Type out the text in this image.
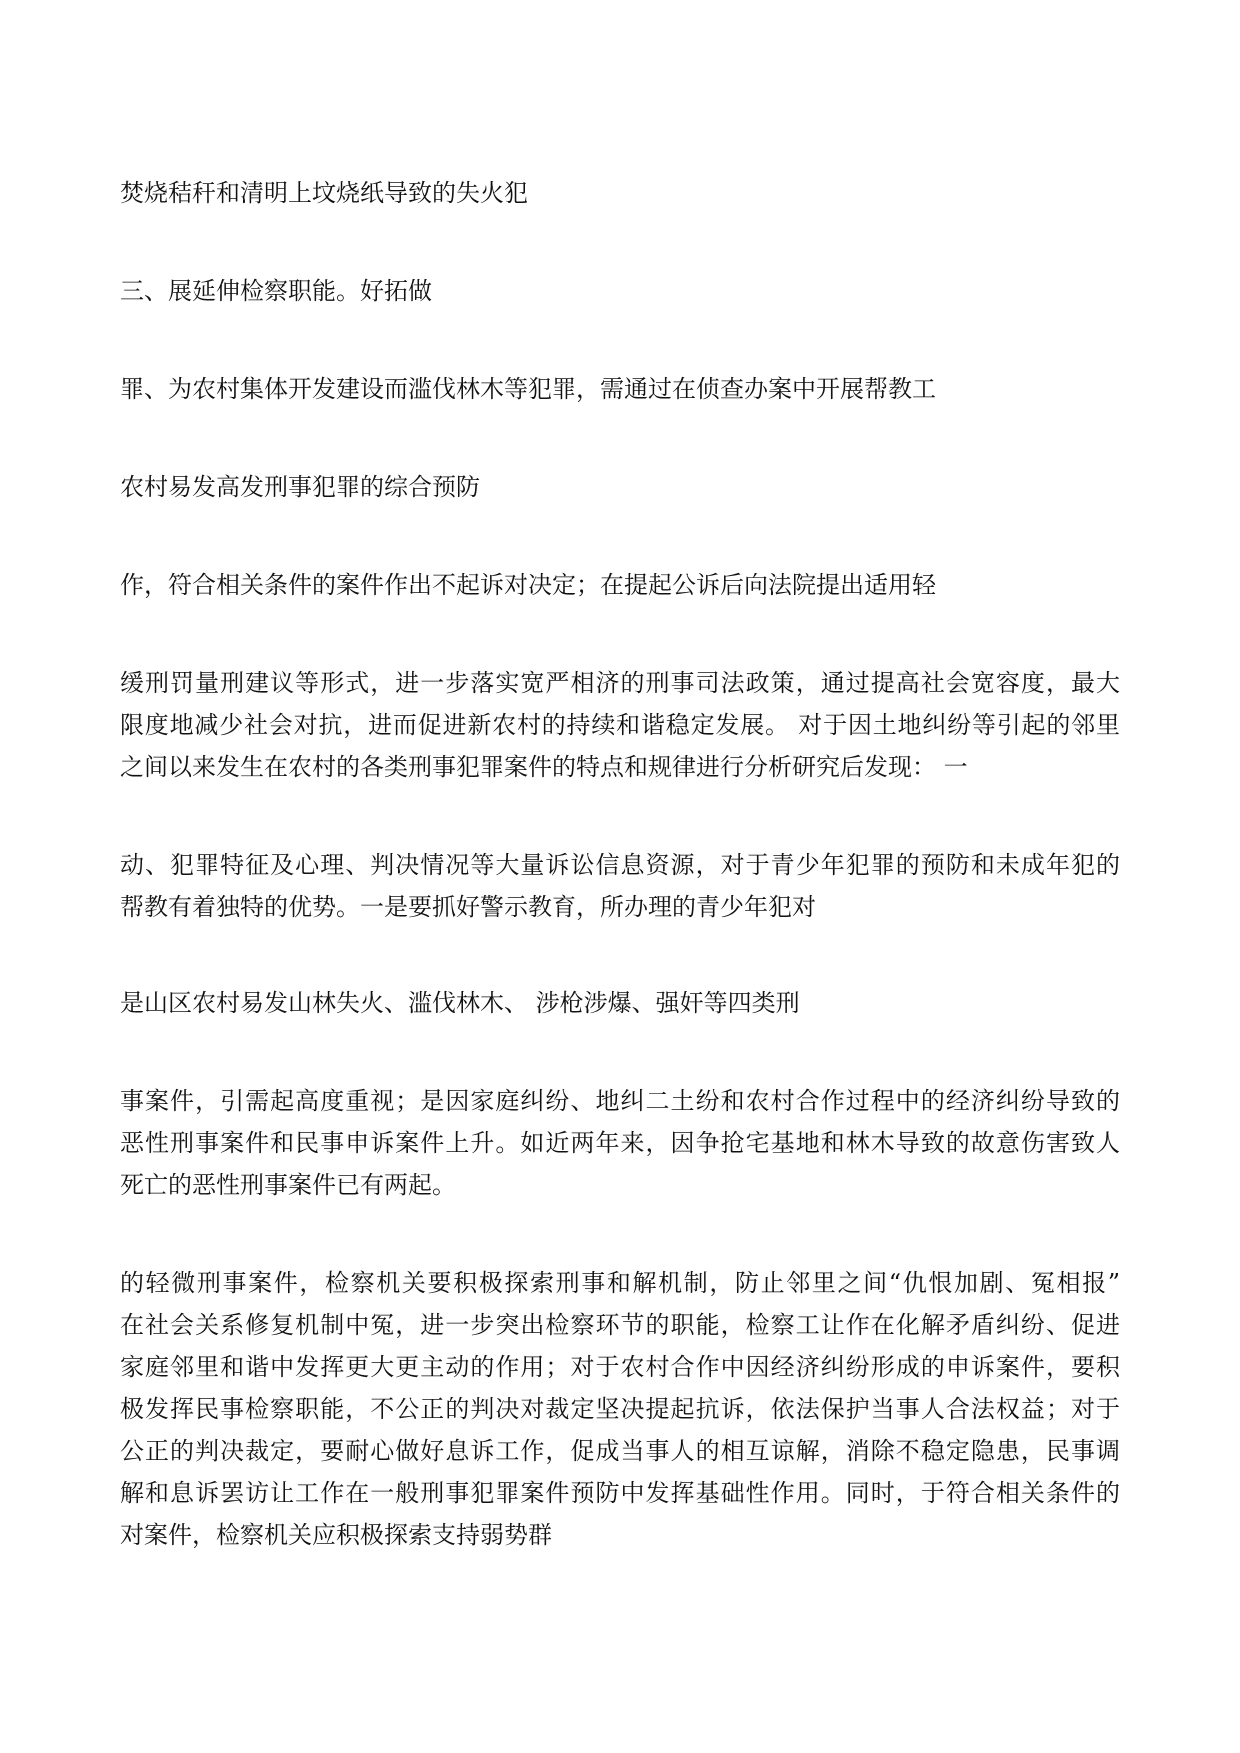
焚烧秸秆和清明上坟烧纸导致的失火犯

三、展延伸检察职能。好拓做

罪、为农村集体开发建设而滥伐林木等犯罪，需通过在侦查办案中开展帮教工

农村易发高发刑事犯罪的综合预防

作，符合相关条件的案件作出不起诉对决定；在提起公诉后向法院提出适用轻

缓刑罚量刑建议等形式，进一步落实宽严相济的刑事司法政策，通过提高社会宽容度，最大
限度地减少社会对抗，进而促进新农村的持续和谐稳定发展。 对于因土地纠纷等引起的邻里
之间以来发生在农村的各类刑事犯罪案件的特点和规律进行分析研究后发现： 一

动、犯罪特征及心理、判决情况等大量诉讼信息资源，对于青少年犯罪的预防和未成年犯的
帮教有着独特的优势。一是要抓好警示教育，所办理的青少年犯对

是山区农村易发山林失火、滥伐林木、 涉枪涉爆、强奸等四类刑

事案件，引需起高度重视；是因家庭纠纷、地纠二土纷和农村合作过程中的经济纠纷导致的
恶性刑事案件和民事申诉案件上升。如近两年来，因争抢宅基地和林木导致的故意伤害致人
死亡的恶性刑事案件已有两起。

的轻微刑事案件，检察机关要积极探索刑事和解机制，防止邻里之间“仇恨加剧、冤相报”
在社会关系修复机制中冤，进一步突出检察环节的职能，检察工让作在化解矛盾纠纷、促进
家庭邻里和谐中发挥更大更主动的作用；对于农村合作中因经济纠纷形成的申诉案件，要积
极发挥民事检察职能，不公正的判决对裁定坚决提起抗诉，依法保护当事人合法权益；对于
公正的判决裁定，要耐心做好息诉工作，促成当事人的相互谅解，消除不稳定隐患，民事调
解和息诉罢访让工作在一般刑事犯罪案件预防中发挥基础性作用。同时，于符合相关条件的
对案件，检察机关应积极探索支持弱势群
